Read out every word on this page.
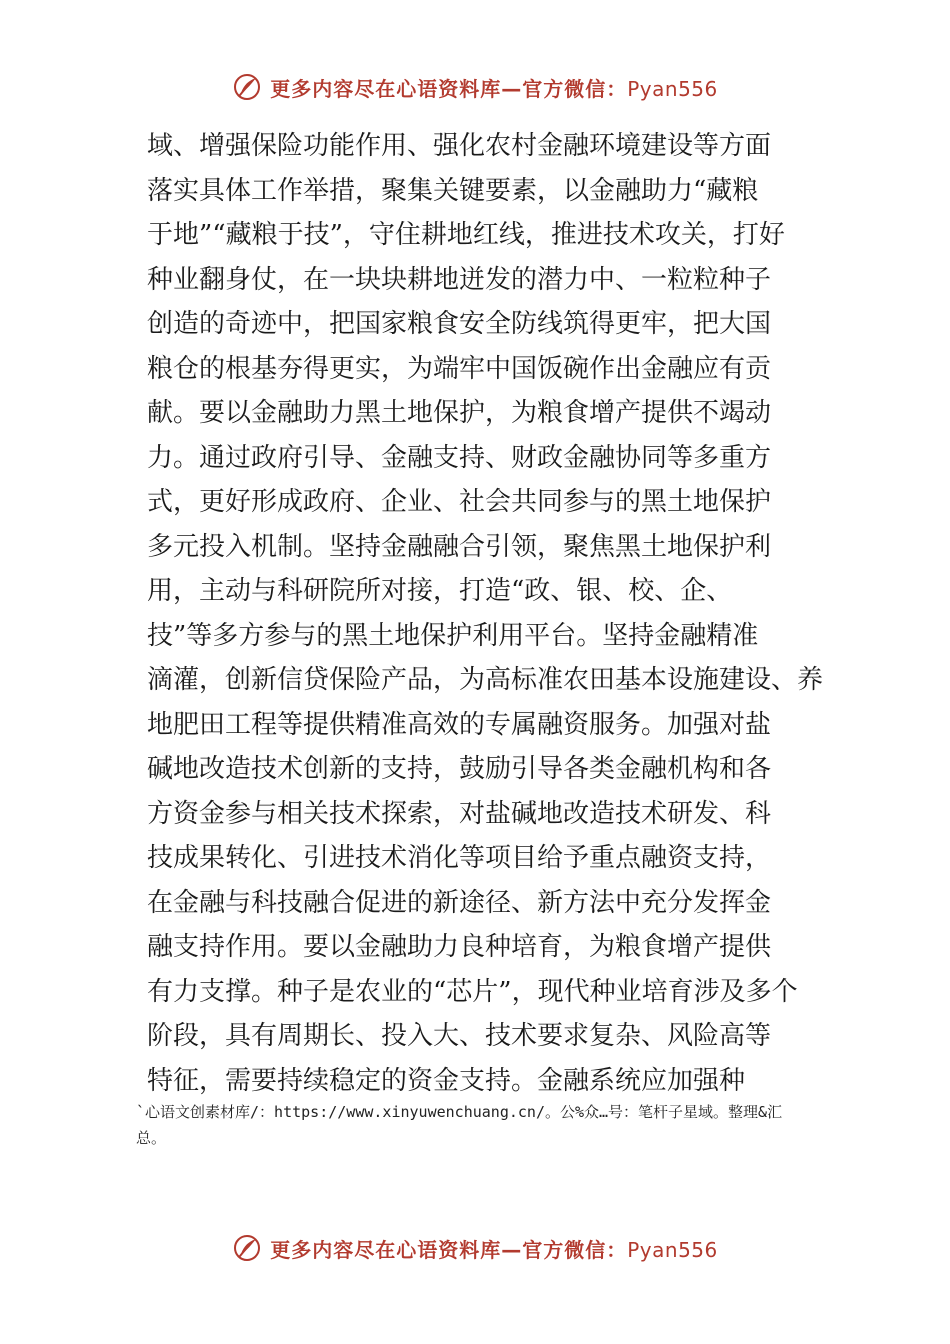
更多内容尽在心语资料库—官方微信：Pyan556
域、增强保险功能作用、强化农村金融环境建设等方面
落实具体工作举措，聚集关键要素，以金融助力“藏粮
于地”“藏粮于技”，守住耕地红线，推进技术攻关，打好
种业翻身仗，在一块块耕地迸发的潜力中、一粒粒种子
创造的奇迹中，把国家粮食安全防线筑得更牢，把大国
粮仓的根基夯得更实，为端牢中国饭碗作出金融应有贡
献。要以金融助力黑土地保护，为粮食增产提供不竭动
力。通过政府引导、金融支持、财政金融协同等多重方
式，更好形成政府、企业、社会共同参与的黑土地保护
多元投入机制。坚持金融融合引领，聚焦黑土地保护利
用，主动与科研院所对接，打造“政、银、校、企、
技”等多方参与的黑土地保护利用平台。坚持金融精准
滴灌，创新信贷保险产品，为高标准农田基本设施建设、养
地肥田工程等提供精准高效的专属融资服务。加强对盐
碱地改造技术创新的支持，鼓励引导各类金融机构和各
方资金参与相关技术探索，对盐碱地改造技术研发、科
技成果转化、引进技术消化等项目给予重点融资支持，
在金融与科技融合促进的新途径、新方法中充分发挥金
融支持作用。要以金融助力良种培育，为粮食增产提供
有力支撑。种子是农业的“芯片”，现代种业培育涉及多个
阶段，具有周期长、投入大、技术要求复杂、风险高等
特征，需要持续稳定的资金支持。金融系统应加强种
`心语文创素材库/：https://www.xinyuwenchuang.cn/。公%众…号：笔杆子星域。整理&汇
总。
更多内容尽在心语资料库—官方微信：Pyan556
